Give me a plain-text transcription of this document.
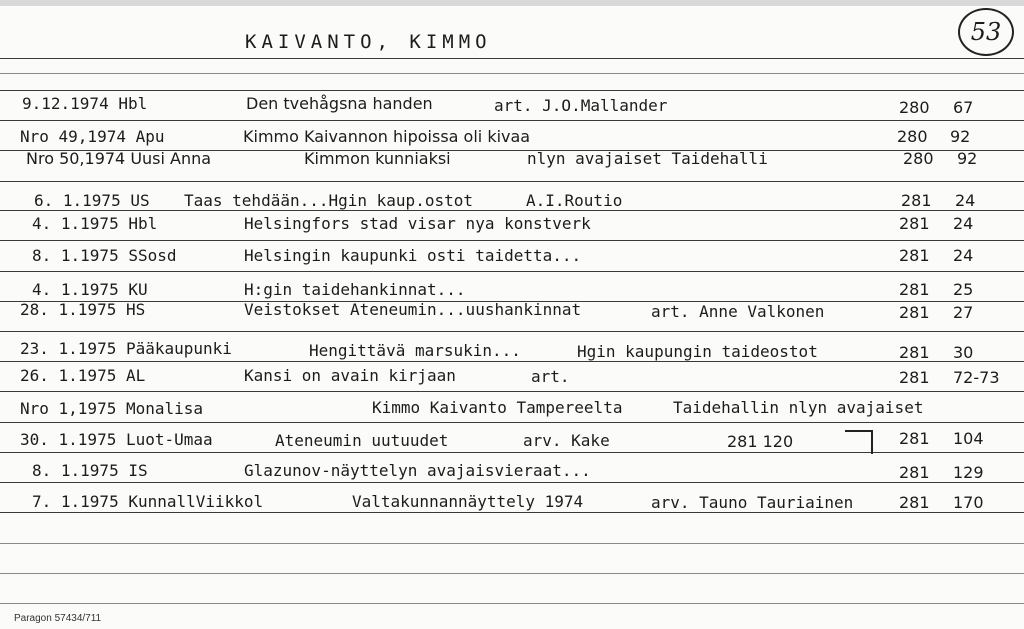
KAIVANTO, KIMMO	53
9.12.1974 Hbl	Den tvehågsna handen	art. J.O.Mallander	280 67
Nro 49,1974 Apu	Kimmo Kaivannon hipoissa oli kivaa	280 92
Nro 50,1974 Uusi Anna	Kimmon kunniaksi	nlyn avajaiset Taidehalli	280 92
6. 1.1975 US Taas tehdään...Hgin kaup.ostot	A.I.Routio	281 24
4. 1.1975 Hbl	Helsingfors stad visar nya konstverk	281 24
8. 1.1975 SSosd	Helsingin kaupunki osti taidetta...	281 24
4. 1.1975 KU	H:gin taidehankinnat...	281 25
28. 1.1975 HS	Veistokset Ateneumin...uushankinnat	art. Anne Valkonen	281 27
23. 1.1975 Pääkaupunki	Hengittävä marsukin...	Hgin kaupungin taideostot	281 30
26. 1.1975 AL	Kansi on avain kirjaan	art.	281 72-73
Nro 1,1975 Monalisa	Kimmo Kaivanto Tampereelta	Taidehallin nlyn avajaiset
30. 1.1975 Luot-Umaa	Ateneumin uutuudet	arv. Kake	281 120	281 104
8. 1.1975 IS	Glazunov-näyttelyn avajaisvieraat...	281 129
7. 1.1975 KunnallViikkol	Valtakunnannäyttely 1974	arv. Tauno Tauriainen	281 170
Paragon 57434/711
